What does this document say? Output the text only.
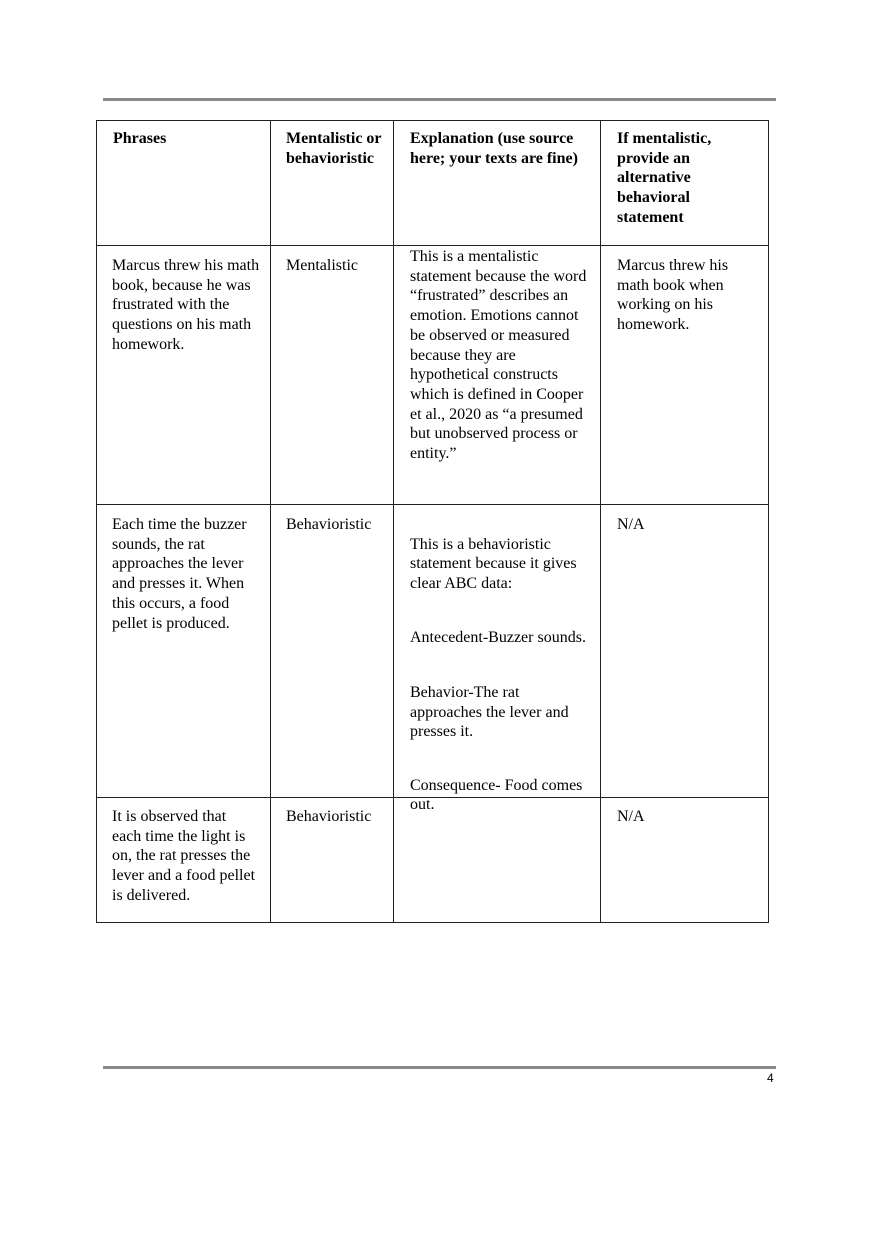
Phrases	Mentalistic or
behavioristic
Explanation (use source
here; your texts are fine)
If mentalistic,
provide an
alternative
behavioral
statement
Marcus threw his math
book, because he was
frustrated with the
questions on his math
homework.
Mentalistic
This is a mentalistic
statement because the word
“frustrated” describes an
emotion. Emotions cannot
be observed or measured
because they are
hypothetical constructs
which is defined in Cooper
et al., 2020 as “a presumed
but unobserved process or
entity.”
Marcus threw his
math book when
working on his
homework.
Each time the buzzer
sounds, the rat
approaches the lever
and presses it. When
this occurs, a food
pellet is produced.
Behavioristic

This is a behavioristic
statement because it gives
clear ABC data:

Antecedent-Buzzer sounds.

Behavior-The rat
approaches the lever and
presses it.

Consequence- Food comes
out.

N/A
It is observed that
each time the light is
on, the rat presses the
lever and a food pellet
is delivered.
Behavioristic	N/A
4
